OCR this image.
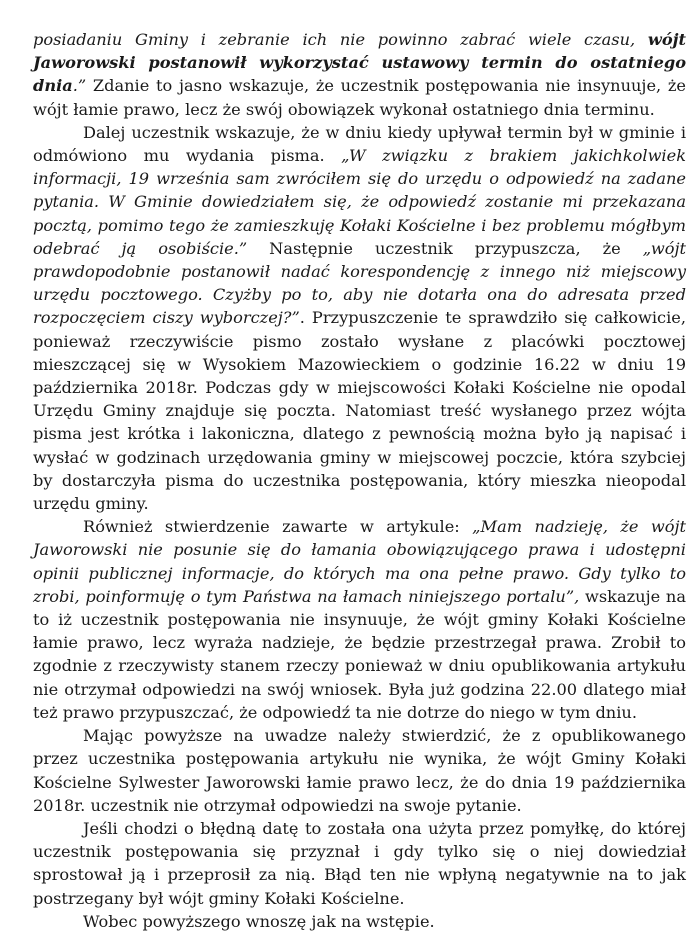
posiadaniu Gminy i zebranie ich nie powinno zabrać wiele czasu, wójt Jaworowski postanowił wykorzystać ustawowy termin do ostatniego dnia.” Zdanie to jasno wskazuje, że uczestnik postępowania nie insynuuje, że wójt łamie prawo, lecz że swój obowiązek wykonał ostatniego dnia terminu.

Dalej uczestnik wskazuje, że w dniu kiedy upływał termin był w gminie i odmówiono mu wydania pisma. „W związku z brakiem jakichkolwiek informacji, 19 września sam zwróciłem się do urzędu o odpowiedź na zadane pytania. W Gminie dowiedziałem się, że odpowiedź zostanie mi przekazana pocztą, pomimo tego że zamieszkuję Kołaki Kościelne i bez problemu mógłbym odebrać ją osobiście.” Następnie uczestnik przypuszcza, że „wójt prawdopodobnie postanowił nadać korespondencję z innego niż miejscowy urzędu pocztowego. Czyżby po to, aby nie dotarła ona do adresata przed rozpoczęciem ciszy wyborczej?”. Przypuszczenie te sprawdziło się całkowicie, ponieważ rzeczywiście pismo zostało wysłane z placówki pocztowej mieszczącej się w Wysokiem Mazowieckiem o godzinie 16.22 w dniu 19 października 2018r. Podczas gdy w miejscowości Kołaki Kościelne nie opodal Urzędu Gminy znajduje się poczta. Natomiast treść wysłanego przez wójta pisma jest krótka i lakoniczna, dlatego z pewnością można było ją napisać i wysłać w godzinach urzędowania gminy w miejscowej poczcie, która szybciej by dostarczyła pisma do uczestnika postępowania, który mieszka nieopodal urzędu gminy.

Również stwierdzenie zawarte w artykule: „Mam nadzieję, że wójt Jaworowski nie posunie się do łamania obowiązującego prawa i udostępni opinii publicznej informacje, do których ma ona pełne prawo. Gdy tylko to zrobi, poinformuję o tym Państwa na łamach niniejszego portalu”, wskazuje na to iż uczestnik postępowania nie insynuuje, że wójt gminy Kołaki Kościelne łamie prawo, lecz wyraża nadzieje, że będzie przestrzegał prawa. Zrobił to zgodnie z rzeczywisty stanem rzeczy ponieważ w dniu opublikowania artykułu nie otrzymał odpowiedzi na swój wniosek. Była już godzina 22.00 dlatego miał też prawo przypuszczać, że odpowiedź ta nie dotrze do niego w tym dniu.

Mając powyższe na uwadze należy stwierdzić, że z opublikowanego przez uczestnika postępowania artykułu nie wynika, że wójt Gminy Kołaki Kościelne Sylwester Jaworowski łamie prawo lecz, że do dnia 19 października 2018r. uczestnik nie otrzymał odpowiedzi na swoje pytanie.

Jeśli chodzi o błędną datę to została ona użyta przez pomyłkę, do której uczestnik postępowania się przyznał i gdy tylko się o niej dowiedział sprostował ją i przeprosił za nią. Błąd ten nie wpłyną negatywnie na to jak postrzegany był wójt gminy Kołaki Kościelne.

Wobec powyższego wnoszę jak na wstępie.
